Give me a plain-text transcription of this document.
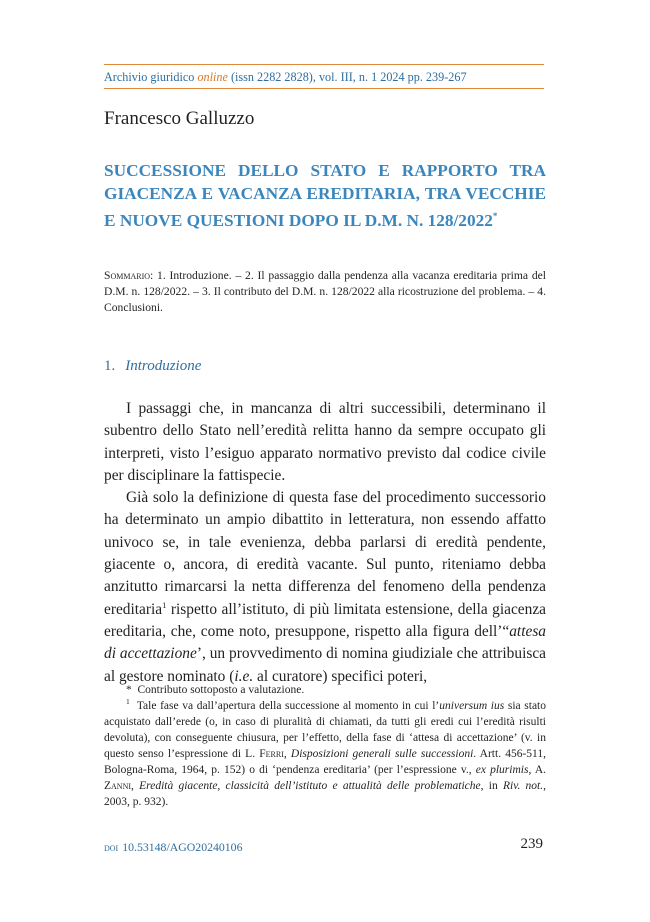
Archivio giuridico online (issn 2282 2828), vol. III, n. 1 2024 pp. 239-267
Francesco Galluzzo
SUCCESSIONE DELLO STATO E RAPPORTO TRA GIACENZA E VACANZA EREDITARIA, TRA VECCHIE E NUOVE QUESTIONI DOPO IL D.M. N. 128/2022*
Sommario: 1. Introduzione. – 2. Il passaggio dalla pendenza alla vacanza ereditaria prima del D.M. n. 128/2022. – 3. Il contributo del D.M. n. 128/2022 alla ricostruzione del problema. – 4. Conclusioni.
1. Introduzione

I passaggi che, in mancanza di altri successibili, determinano il subentro dello Stato nell’eredità relitta hanno da sempre occupato gli interpreti, visto l’esiguo apparato normativo previsto dal codice civile per disciplinare la fattispecie.

Già solo la definizione di questa fase del procedimento successorio ha determinato un ampio dibattito in letteratura, non essendo affatto univoco se, in tale evenienza, debba parlarsi di eredità pendente, giacente o, ancora, di eredità vacante. Sul punto, riteniamo debba anzitutto rimarcarsi la netta differenza del fenomeno della pendenza ereditaria$^1$ rispetto all’istituto, di più limitata estensione, della giacenza ereditaria, che, come noto, presuppone, rispetto alla figura dell’“attesa di accettazione’, un provvedimento di nomina giudiziale che attribuisca al gestore nominato (i.e. al curatore) specifici poteri,

* Contributo sottoposto a valutazione.

$^1$ Tale fase va dall’apertura della successione al momento in cui l’universum ius sia stato acquistato dall’erede (o, in caso di pluralità di chiamati, da tutti gli eredi cui l’eredità risulti devoluta), con conseguente chiusura, per l’effetto, della fase di ‘attesa di accettazione’ (v. in questo senso l’espressione di L. Ferri, Disposizioni generali sulle successioni. Artt. 456-511, Bologna-Roma, 1964, p. 152) o di ‘pendenza ereditaria’ (per l’espressione v., ex plurimis, A. Zanni, Eredità giacente, classicità dell’istituto e attualità delle problematiche, in Riv. not., 2003, p. 932).

doi 10.53148/AGO20240106	239
